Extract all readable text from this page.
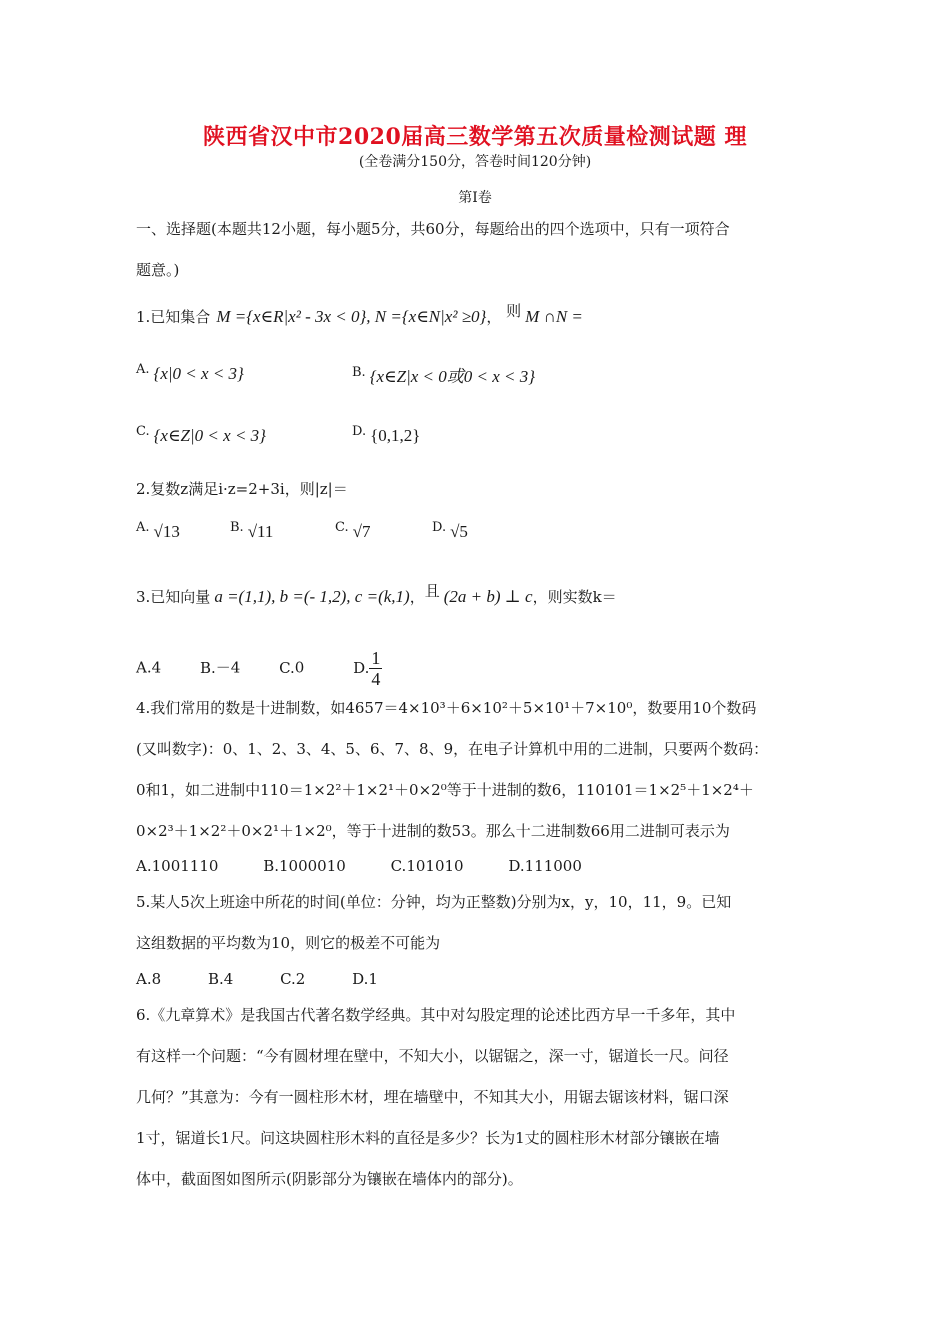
陕西省汉中市2020届高三数学第五次质量检测试题 理
(全卷满分150分，答卷时间120分钟)
第Ⅰ卷
一、选择题(本题共12小题，每小题5分，共60分，每题给出的四个选项中，只有一项符合
题意。)
1.已知集合 M ={x∈R|x² - 3x < 0}, N ={x∈N|x² ≥0}， 则 M ∩N =
A. {x|0 < x < 3}	B. {x∈Z|x < 0或0 < x < 3}
C. {x∈Z|0 < x < 3}	D. {0,1,2}
2.复数z满足i·z=2+3i，则|z|＝
A. √13	B. √11	C. √7	D. √5
3.已知向量 a =(1,1), b =(- 1,2), c =(k,1)，且 (2a + b) ⊥ c，则实数k＝
A.4	B.－4	C.0	D. $\frac{1}{4}$
4.我们常用的数是十进制数，如4657＝4×10³＋6×10²＋5×10¹＋7×10⁰，数要用10个数码
(又叫数字)：0、1、2、3、4、5、6、7、8、9，在电子计算机中用的二进制，只要两个数码：
0和1，如二进制中110＝1×2²＋1×2¹＋0×2⁰等于十进制的数6，110101＝1×2⁵＋1×2⁴＋
0×2³＋1×2²＋0×2¹＋1×2⁰，等于十进制的数53。那么十二进制数66用二进制可表示为
A.1001110	B.1000010	C.101010	D.111000
5.某人5次上班途中所花的时间(单位：分钟，均为正整数)分别为x，y，10，11，9。已知
这组数据的平均数为10，则它的极差不可能为
A.8	B.4	C.2	D.1
6.《九章算术》是我国古代著名数学经典。其中对勾股定理的论述比西方早一千多年，其中
有这样一个问题：“今有圆材埋在壁中，不知大小，以锯锯之，深一寸，锯道长一尺。问径
几何？”其意为：今有一圆柱形木材，埋在墙壁中，不知其大小，用锯去锯该材料，锯口深
1寸，锯道长1尺。问这块圆柱形木料的直径是多少？长为1丈的圆柱形木材部分镶嵌在墙
体中，截面图如图所示(阴影部分为镶嵌在墙体内的部分)。
